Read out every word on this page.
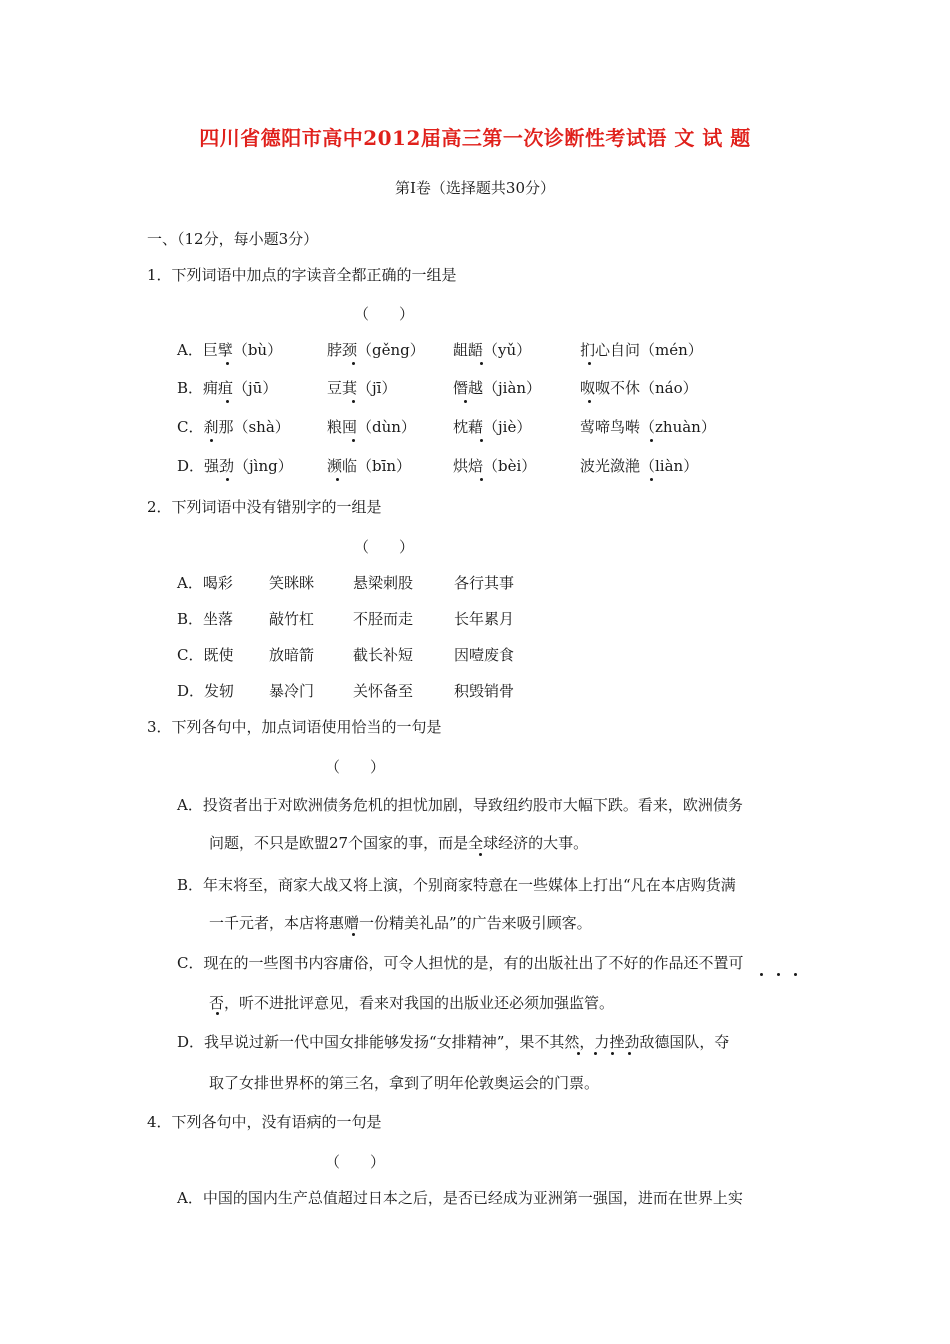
四川省德阳市高中2012届高三第一次诊断性考试语 文 试 题
第Ⅰ卷（选择题共30分）
一、（12分，每小题3分）
1．下列词语中加点的字读音全都正确的一组是
（　　）
A．巨擘（bù）	脖颈（gěng） 龃龉（yǔ）	扪心自问（mén）
B．痈疽（jū）	豆萁（jī）	僭越（jiàn）	呶呶不休（náo）
C．刹那（shà） 粮囤（dùn） 枕藉（jiè）	莺啼鸟啭（zhuàn）
D．强劲（jìng） 濒临（bīn）	烘焙（bèi）	波光潋滟（liàn）
2．下列词语中没有错别字的一组是
（　　）
A．喝彩 笑眯眯	悬梁刺股	各行其事
B．坐落 敲竹杠	不胫而走	长年累月
C．既使 放暗箭	截长补短	因噎废食
D．发轫 暴冷门	关怀备至	积毁销骨
3．下列各句中，加点词语使用恰当的一句是
（　　）
A．投资者出于对欧洲债务危机的担忧加剧，导致纽约股市大幅下跌。看来，欧洲债务
问题，不只是欧盟27个国家的事，而是全球经济的大事。
B．年末将至，商家大战又将上演，个别商家特意在一些媒体上打出“凡在本店购货满
一千元者，本店将惠赠一份精美礼品”的广告来吸引顾客。
C．现在的一些图书内容庸俗，可令人担忧的是，有的出版社出了不好的作品还不置可
否，听不进批评意见，看来对我国的出版业还必须加强监管。
D．我早说过新一代中国女排能够发扬“女排精神”，果不其然，力挫劲敌德国队，夺
取了女排世界杯的第三名，拿到了明年伦敦奥运会的门票。
4．下列各句中，没有语病的一句是
（　　）
A．中国的国内生产总值超过日本之后，是否已经成为亚洲第一强国，进而在世界上实
